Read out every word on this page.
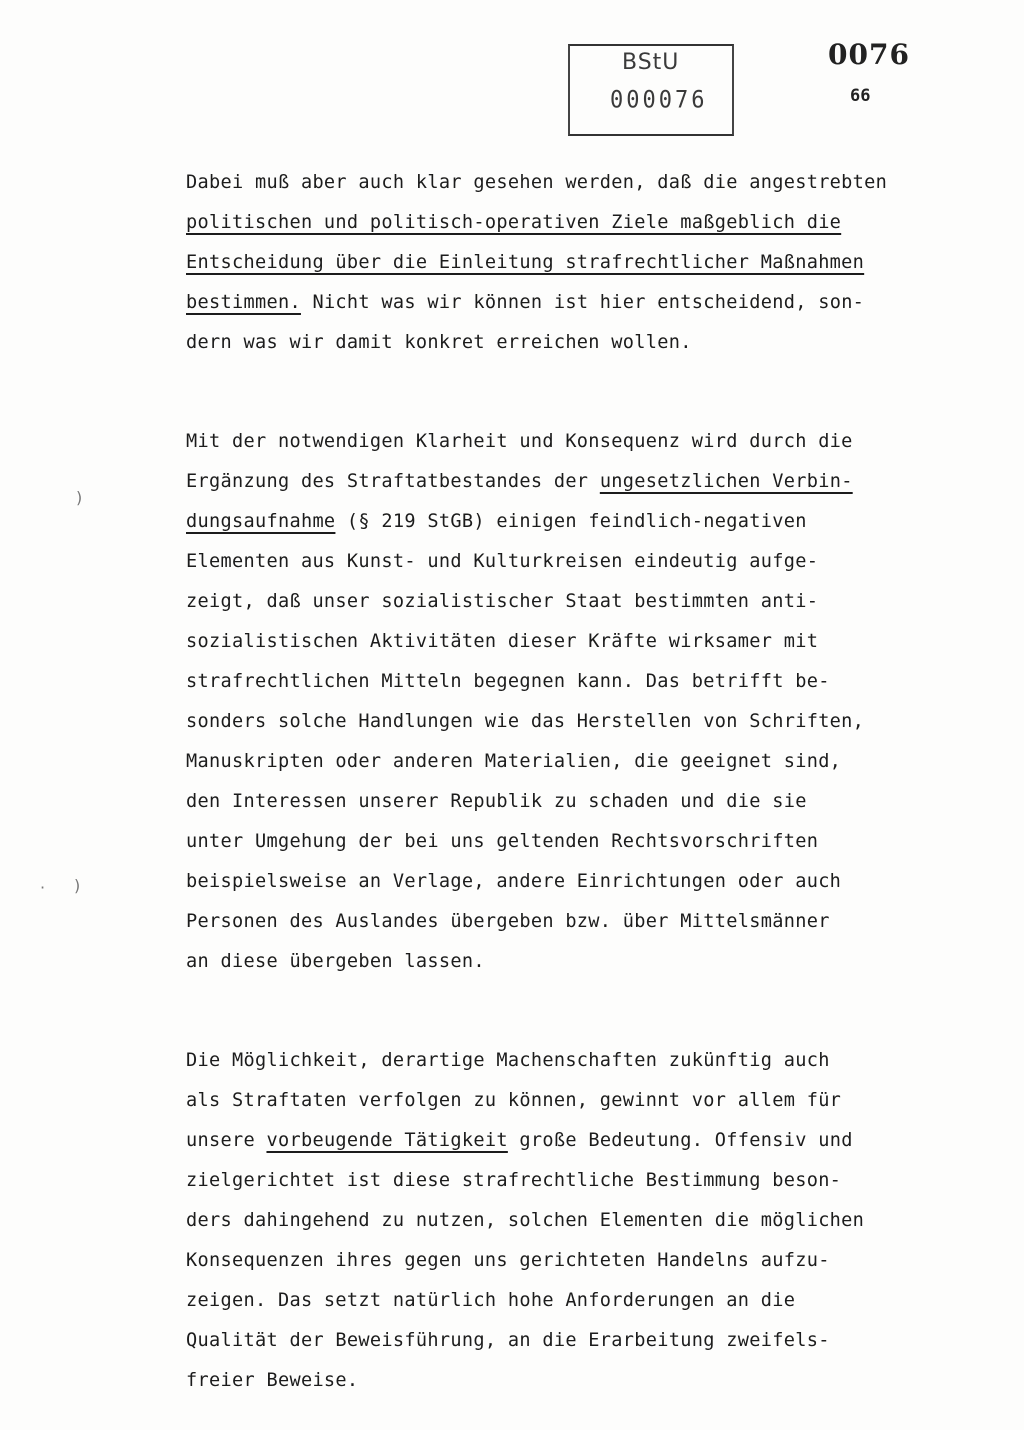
BStU
000076
0076
66
)
· )
Dabei muß aber auch klar gesehen werden, daß die angestrebten
politischen und politisch-operativen Ziele maßgeblich die
Entscheidung über die Einleitung strafrechtlicher Maßnahmen
bestimmen. Nicht was wir können ist hier entscheidend, son-
dern was wir damit konkret erreichen wollen.
Mit der notwendigen Klarheit und Konsequenz wird durch die
Ergänzung des Straftatbestandes der ungesetzlichen Verbin-
dungsaufnahme (§ 219 StGB) einigen feindlich-negativen
Elementen aus Kunst- und Kulturkreisen eindeutig aufge-
zeigt, daß unser sozialistischer Staat bestimmten anti-
sozialistischen Aktivitäten dieser Kräfte wirksamer mit
strafrechtlichen Mitteln begegnen kann. Das betrifft be-
sonders solche Handlungen wie das Herstellen von Schriften,
Manuskripten oder anderen Materialien, die geeignet sind,
den Interessen unserer Republik zu schaden und die sie
unter Umgehung der bei uns geltenden Rechtsvorschriften
beispielsweise an Verlage, andere Einrichtungen oder auch
Personen des Auslandes übergeben bzw. über Mittelsmänner
an diese übergeben lassen.
Die Möglichkeit, derartige Machenschaften zukünftig auch
als Straftaten verfolgen zu können, gewinnt vor allem für
unsere vorbeugende Tätigkeit große Bedeutung. Offensiv und
zielgerichtet ist diese strafrechtliche Bestimmung beson-
ders dahingehend zu nutzen, solchen Elementen die möglichen
Konsequenzen ihres gegen uns gerichteten Handelns aufzu-
zeigen. Das setzt natürlich hohe Anforderungen an die
Qualität der Beweisführung, an die Erarbeitung zweifels-
freier Beweise.
